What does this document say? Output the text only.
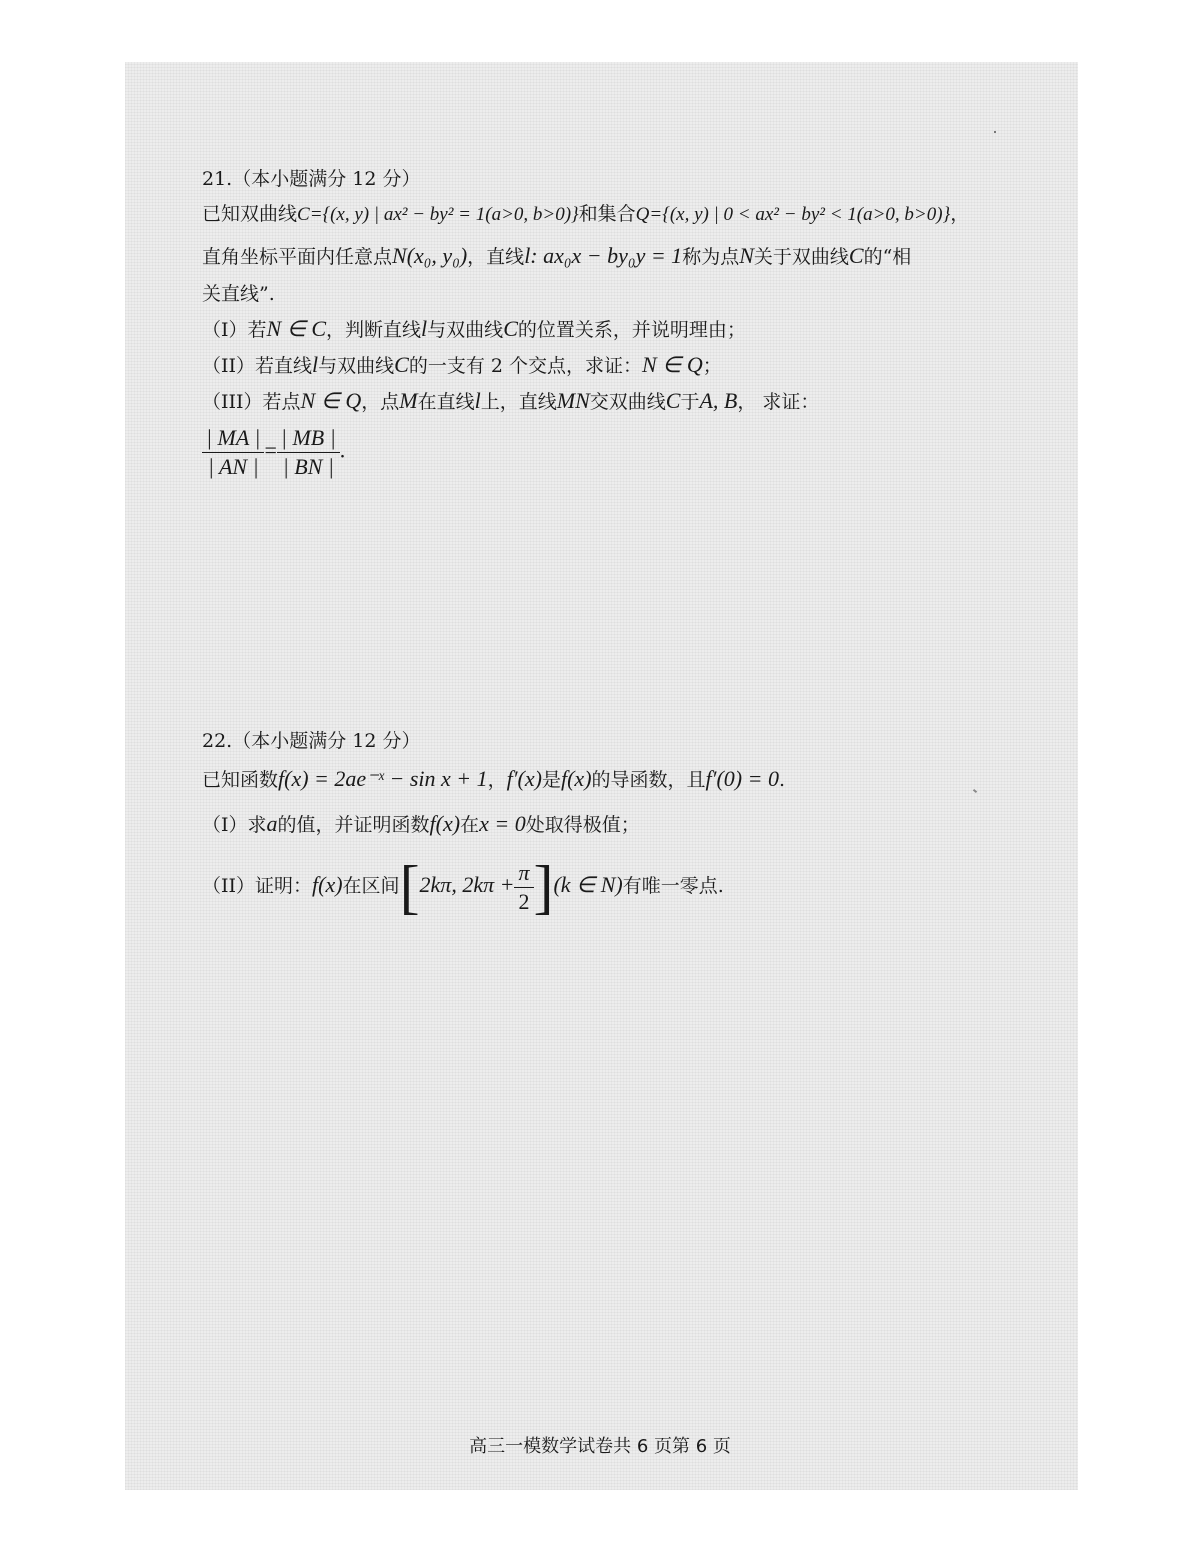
21.（本小题满分 12 分）
已知双曲线C={(x, y) | ax² − by² = 1(a>0, b>0)}和集合Q={(x, y) | 0 < ax² − by² < 1(a>0, b>0)}，
直角坐标平面内任意点N(x₀, y₀)，直线l: ax₀x − by₀y = 1称为点N关于双曲线C的“相
关直线”.
（I）若N ∈ C，判断直线l与双曲线C的位置关系，并说明理由；
（II）若直线l与双曲线C的一支有 2 个交点，求证：N ∈ Q；
（III）若点N ∈ Q，点M在直线l上，直线MN交双曲线C于A, B， 求证：
$\frac{| MA |}{| AN |} = \frac{| MB |}{| BN |}$ .
22.（本小题满分 12 分）
已知函数f(x) = 2ae⁻ˣ − sin x + 1，f′(x)是f(x)的导函数，且f′(0) = 0.
（I）求a的值，并证明函数f(x)在x = 0处取得极值；
（II）证明：f(x)在区间[2kπ, $2k\pi + \frac{\pi}{2} ](k$ ∈ N)有唯一零点.
高三一模数学试卷共 6 页第 6 页
